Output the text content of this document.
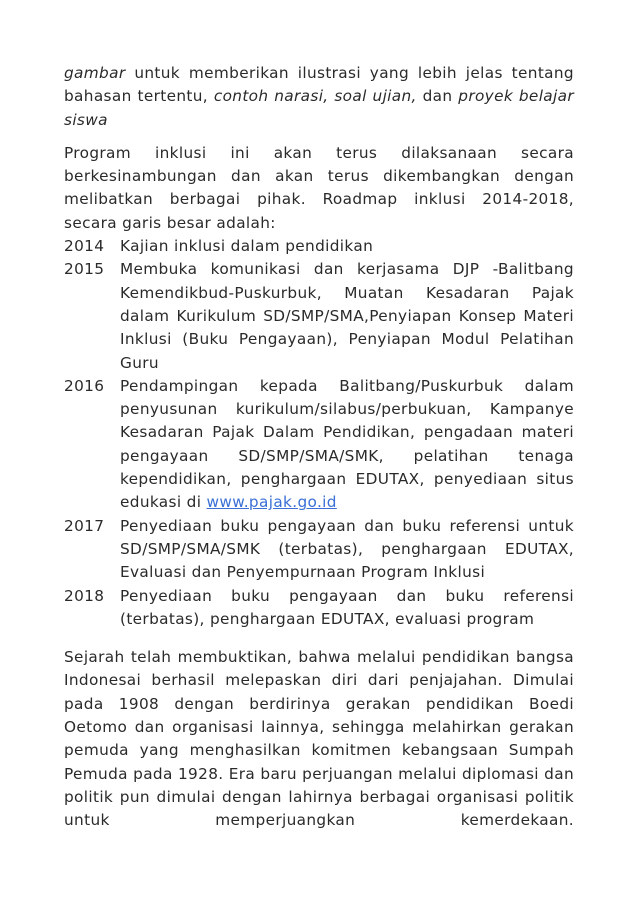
gambar untuk memberikan ilustrasi yang lebih jelas tentang bahasan tertentu, contoh narasi, soal ujian, dan proyek belajar siswa

Program inklusi ini akan terus dilaksanaan secara berkesinambungan dan akan terus dikembangkan dengan melibatkan berbagai pihak. Roadmap inklusi 2014-2018, secara garis besar adalah:

2014	Kajian inklusi dalam pendidikan
2015	Membuka komunikasi dan kerjasama DJP -Balitbang Kemendikbud-Puskurbuk, Muatan Kesadaran Pajak dalam Kurikulum SD/SMP/SMA,Penyiapan Konsep Materi Inklusi (Buku Pengayaan), Penyiapan Modul Pelatihan Guru
2016	Pendampingan kepada Balitbang/Puskurbuk dalam penyusunan kurikulum/silabus/perbukuan, Kampanye Kesadaran Pajak Dalam Pendidikan, pengadaan materi pengayaan SD/SMP/SMA/SMK, pelatihan tenaga kependidikan, penghargaan EDUTAX, penyediaan situs edukasi di www.pajak.go.id
2017	Penyediaan buku pengayaan dan buku referensi untuk SD/SMP/SMA/SMK (terbatas), penghargaan EDUTAX, Evaluasi dan Penyempurnaan Program Inklusi
2018	Penyediaan buku pengayaan dan buku referensi (terbatas), penghargaan EDUTAX, evaluasi program

Sejarah telah membuktikan, bahwa melalui pendidikan bangsa Indonesai berhasil melepaskan diri dari penjajahan. Dimulai pada 1908 dengan berdirinya gerakan pendidikan Boedi Oetomo dan organisasi lainnya, sehingga melahirkan gerakan pemuda yang menghasilkan komitmen kebangsaan Sumpah Pemuda pada 1928. Era baru perjuangan melalui diplomasi dan politik pun dimulai dengan lahirnya berbagai organisasi politik untuk memperjuangkan kemerdekaan.
